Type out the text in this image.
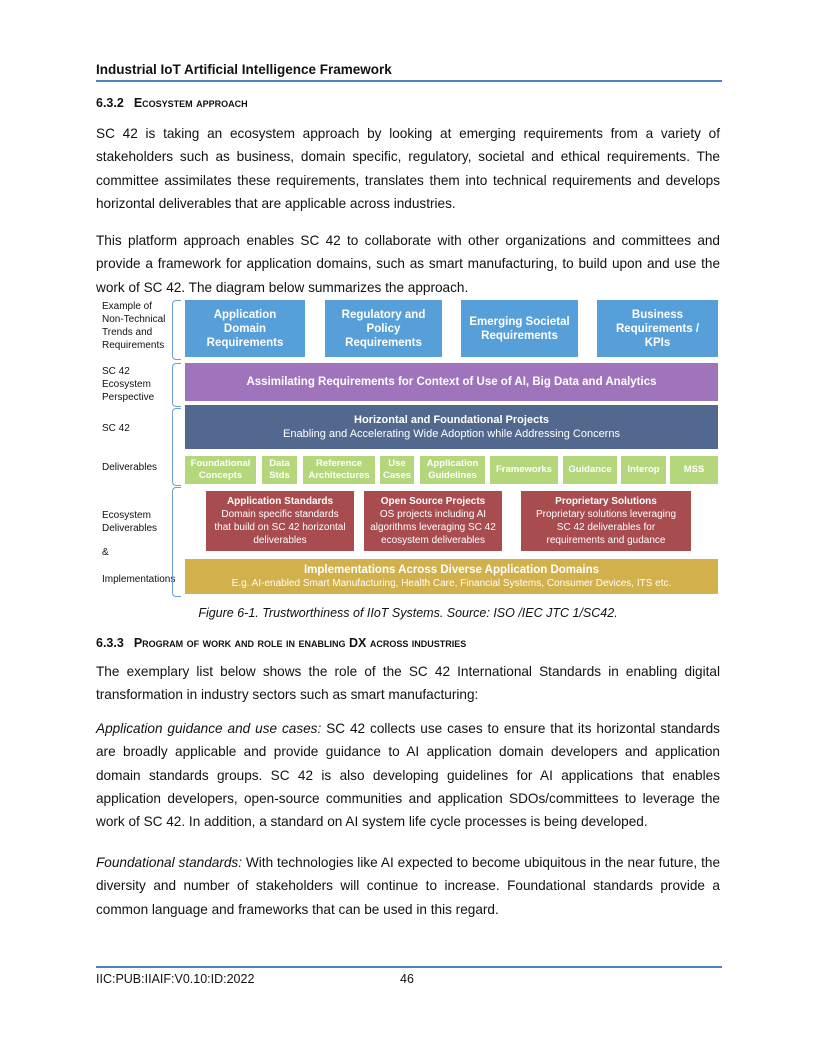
Industrial IoT Artificial Intelligence Framework
6.3.2 Ecosystem approach
SC 42 is taking an ecosystem approach by looking at emerging requirements from a variety of stakeholders such as business, domain specific, regulatory, societal and ethical requirements. The committee assimilates these requirements, translates them into technical requirements and develops horizontal deliverables that are applicable across industries.
This platform approach enables SC 42 to collaborate with other organizations and committees and provide a framework for application domains, such as smart manufacturing, to build upon and use the work of SC 42. The diagram below summarizes the approach.
Example of Non-Technical Trends and Requirements
SC 42 Ecosystem Perspective
SC 42
Deliverables
Ecosystem Deliverables
&
Implementations
Application Domain Requirements
Regulatory and Policy Requirements
Emerging Societal Requirements
Business Requirements / KPIs
Assimilating Requirements for Context of Use of AI, Big Data and Analytics
Horizontal and Foundational Projects
Enabling and Accelerating Wide Adoption while Addressing Concerns
Foundational Concepts
Data Stds
Reference Architectures
Use Cases
Application Guidelines
Frameworks	Guidance	Interop	MSS
Application Standards
Domain specific standards that build on SC 42 horizontal deliverables
Open Source Projects
OS projects including AI algorithms leveraging SC 42 ecosystem deliverables
Proprietary Solutions
Proprietary solutions leveraging SC 42 deliverables for requirements and gudance
Implementations Across Diverse Application Domains
E.g. AI-enabled Smart Manufacturing, Health Care, Financial Systems, Consumer Devices, ITS etc.
Figure 6-1. Trustworthiness of IIoT Systems. Source: ISO /IEC JTC 1/SC42.
6.3.3 Program of work and role in enabling DX across industries
The exemplary list below shows the role of the SC 42 International Standards in enabling digital transformation in industry sectors such as smart manufacturing:
Application guidance and use cases: SC 42 collects use cases to ensure that its horizontal standards are broadly applicable and provide guidance to AI application domain developers and application domain standards groups. SC 42 is also developing guidelines for AI applications that enables application developers, open-source communities and application SDOs/committees to leverage the work of SC 42. In addition, a standard on AI system life cycle processes is being developed.
Foundational standards: With technologies like AI expected to become ubiquitous in the near future, the diversity and number of stakeholders will continue to increase. Foundational standards provide a common language and frameworks that can be used in this regard.
IIC:PUB:IIAIF:V0.10:ID:2022	46
